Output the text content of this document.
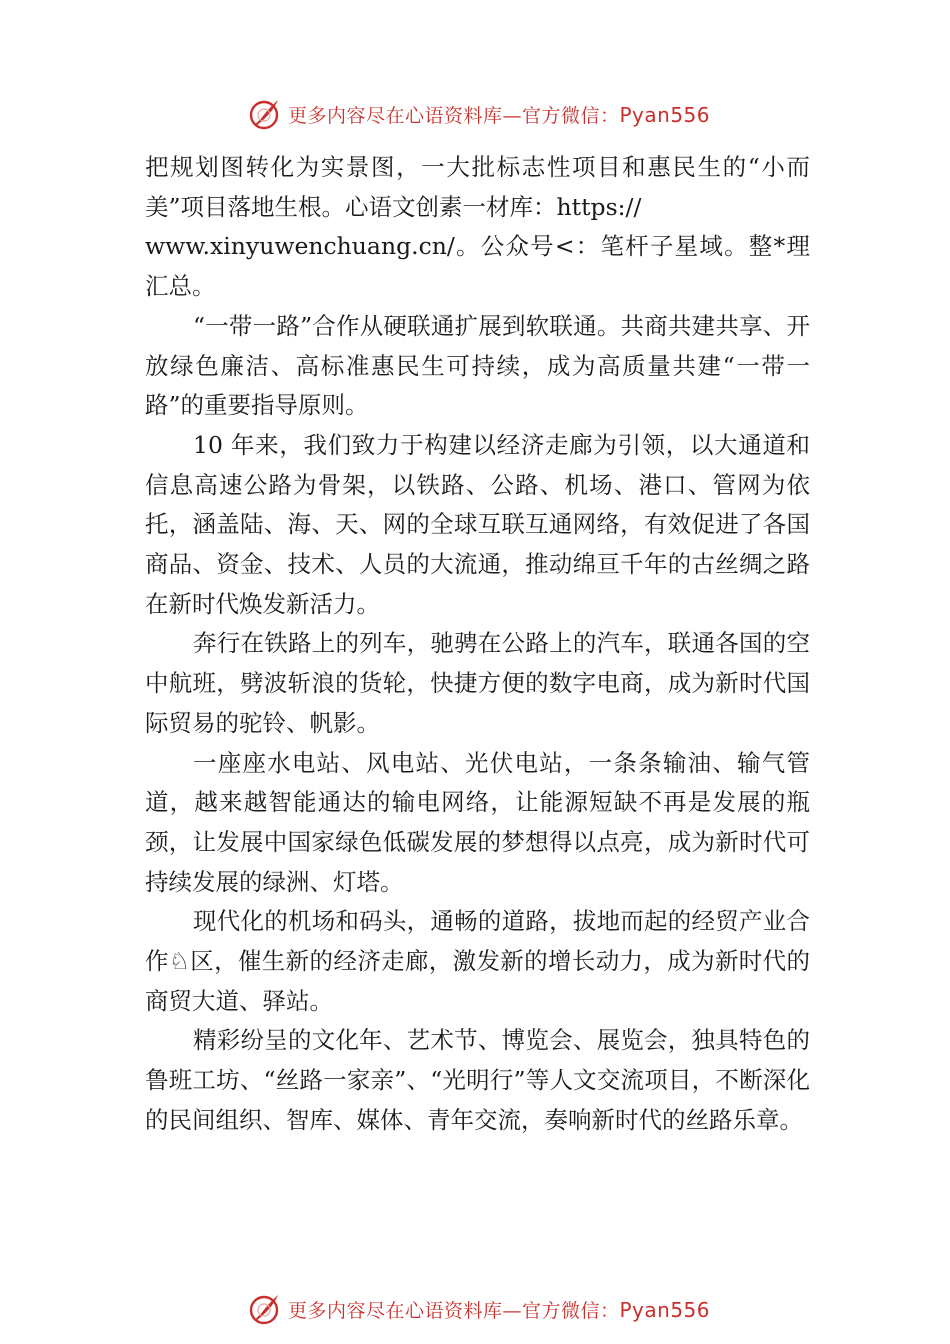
更多内容尽在心语资料库—官方微信：Pyan556

把规划图转化为实景图，一大批标志性项目和惠民生的“小而美”项目落地生根。心语文创素一材库：https://
www.xinyuwenchuang.cn/。公众号<：笔杆子星域。整*理汇总。

“一带一路”合作从硬联通扩展到软联通。共商共建共享、开放绿色廉洁、高标准惠民生可持续，成为高质量共建“一带一路”的重要指导原则。

10 年来，我们致力于构建以经济走廊为引领，以大通道和信息高速公路为骨架，以铁路、公路、机场、港口、管网为依托，涵盖陆、海、天、网的全球互联互通网络，有效促进了各国商品、资金、技术、人员的大流通，推动绵亘千年的古丝绸之路在新时代焕发新活力。

奔行在铁路上的列车，驰骋在公路上的汽车，联通各国的空中航班，劈波斩浪的货轮，快捷方便的数字电商，成为新时代国际贸易的驼铃、帆影。

一座座水电站、风电站、光伏电站，一条条输油、输气管道，越来越智能通达的输电网络，让能源短缺不再是发展的瓶颈，让发展中国家绿色低碳发展的梦想得以点亮，成为新时代可持续发展的绿洲、灯塔。

现代化的机场和码头，通畅的道路，拔地而起的经贸产业合作♘区，催生新的经济走廊，激发新的增长动力，成为新时代的商贸大道、驿站。

精彩纷呈的文化年、艺术节、博览会、展览会，独具特色的鲁班工坊、“丝路一家亲”、“光明行”等人文交流项目，不断深化的民间组织、智库、媒体、青年交流，奏响新时代的丝路乐章。

更多内容尽在心语资料库—官方微信：Pyan556
